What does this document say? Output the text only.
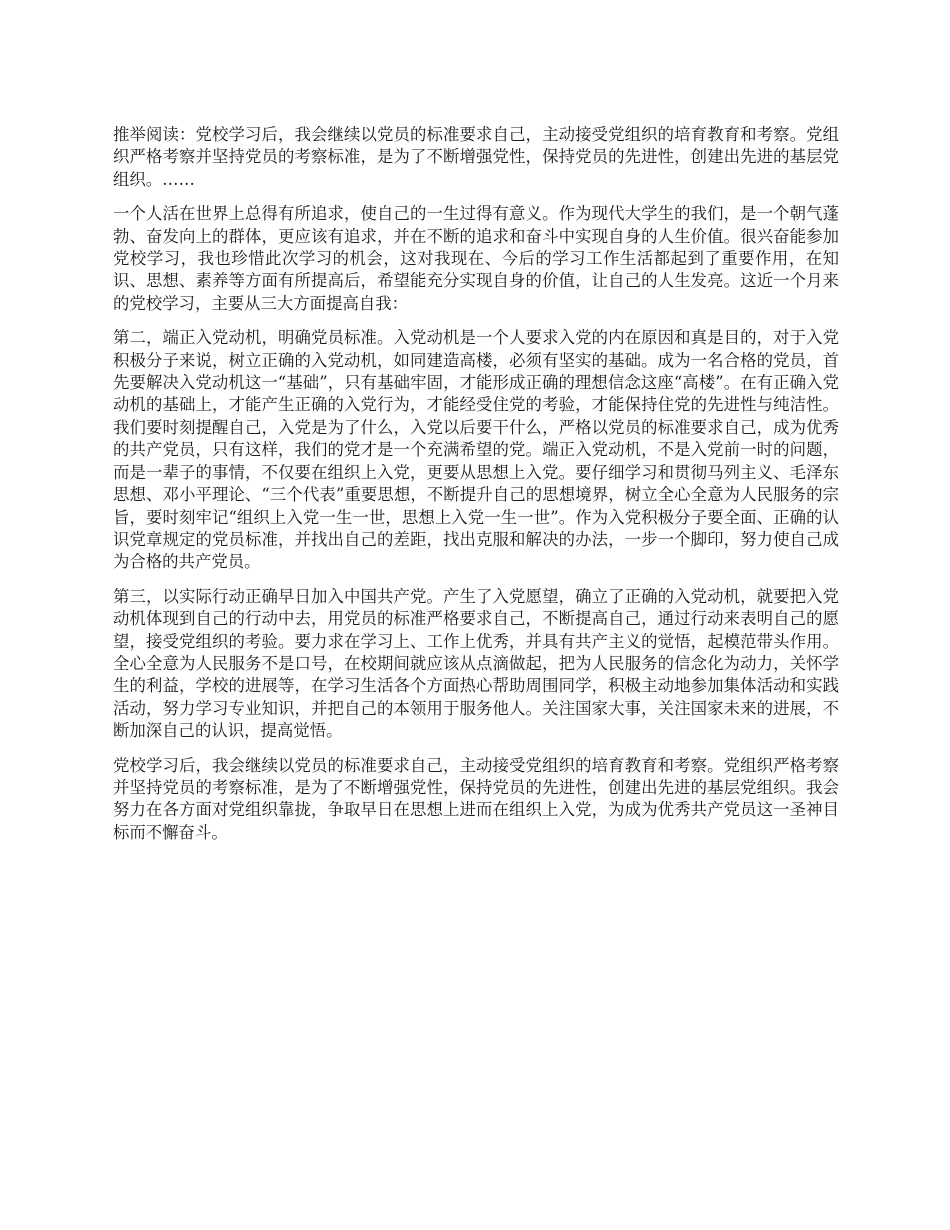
推举阅读：党校学习后，我会继续以党员的标准要求自己，主动接受党组织的培育教育和考察。党组织严格考察并坚持党员的考察标准，是为了不断增强党性，保持党员的先进性，创建出先进的基层党组织。……

一个人活在世界上总得有所追求，使自己的一生过得有意义。作为现代大学生的我们，是一个朝气蓬勃、奋发向上的群体，更应该有追求，并在不断的追求和奋斗中实现自身的人生价值。很兴奋能参加党校学习，我也珍惜此次学习的机会，这对我现在、今后的学习工作生活都起到了重要作用，在知识、思想、素养等方面有所提高后，希望能充分实现自身的价值，让自己的人生发亮。这近一个月来的党校学习，主要从三大方面提高自我：

第二，端正入党动机，明确党员标准。入党动机是一个人要求入党的内在原因和真是目的，对于入党积极分子来说，树立正确的入党动机，如同建造高楼，必须有坚实的基础。成为一名合格的党员，首先要解决入党动机这一“基础”，只有基础牢固，才能形成正确的理想信念这座“高楼”。在有正确入党动机的基础上，才能产生正确的入党行为，才能经受住党的考验，才能保持住党的先进性与纯洁性。我们要时刻提醒自己，入党是为了什么，入党以后要干什么，严格以党员的标准要求自己，成为优秀的共产党员，只有这样，我们的党才是一个充满希望的党。端正入党动机，不是入党前一时的问题，而是一辈子的事情，不仅要在组织上入党，更要从思想上入党。要仔细学习和贯彻马列主义、毛泽东思想、邓小平理论、“三个代表”重要思想，不断提升自己的思想境界，树立全心全意为人民服务的宗旨，要时刻牢记“组织上入党一生一世，思想上入党一生一世”。作为入党积极分子要全面、正确的认识党章规定的党员标准，并找出自己的差距，找出克服和解决的办法，一步一个脚印，努力使自己成为合格的共产党员。

第三，以实际行动正确早日加入中国共产党。产生了入党愿望，确立了正确的入党动机，就要把入党动机体现到自己的行动中去，用党员的标准严格要求自己，不断提高自己，通过行动来表明自己的愿望，接受党组织的考验。要力求在学习上、工作上优秀，并具有共产主义的觉悟，起模范带头作用。全心全意为人民服务不是口号，在校期间就应该从点滴做起，把为人民服务的信念化为动力，关怀学生的利益，学校的进展等，在学习生活各个方面热心帮助周围同学，积极主动地参加集体活动和实践活动，努力学习专业知识，并把自己的本领用于服务他人。关注国家大事，关注国家未来的进展，不断加深自己的认识，提高觉悟。

党校学习后，我会继续以党员的标准要求自己，主动接受党组织的培育教育和考察。党组织严格考察并坚持党员的考察标准，是为了不断增强党性，保持党员的先进性，创建出先进的基层党组织。我会努力在各方面对党组织靠拢，争取早日在思想上进而在组织上入党，为成为优秀共产党员这一圣神目标而不懈奋斗。
